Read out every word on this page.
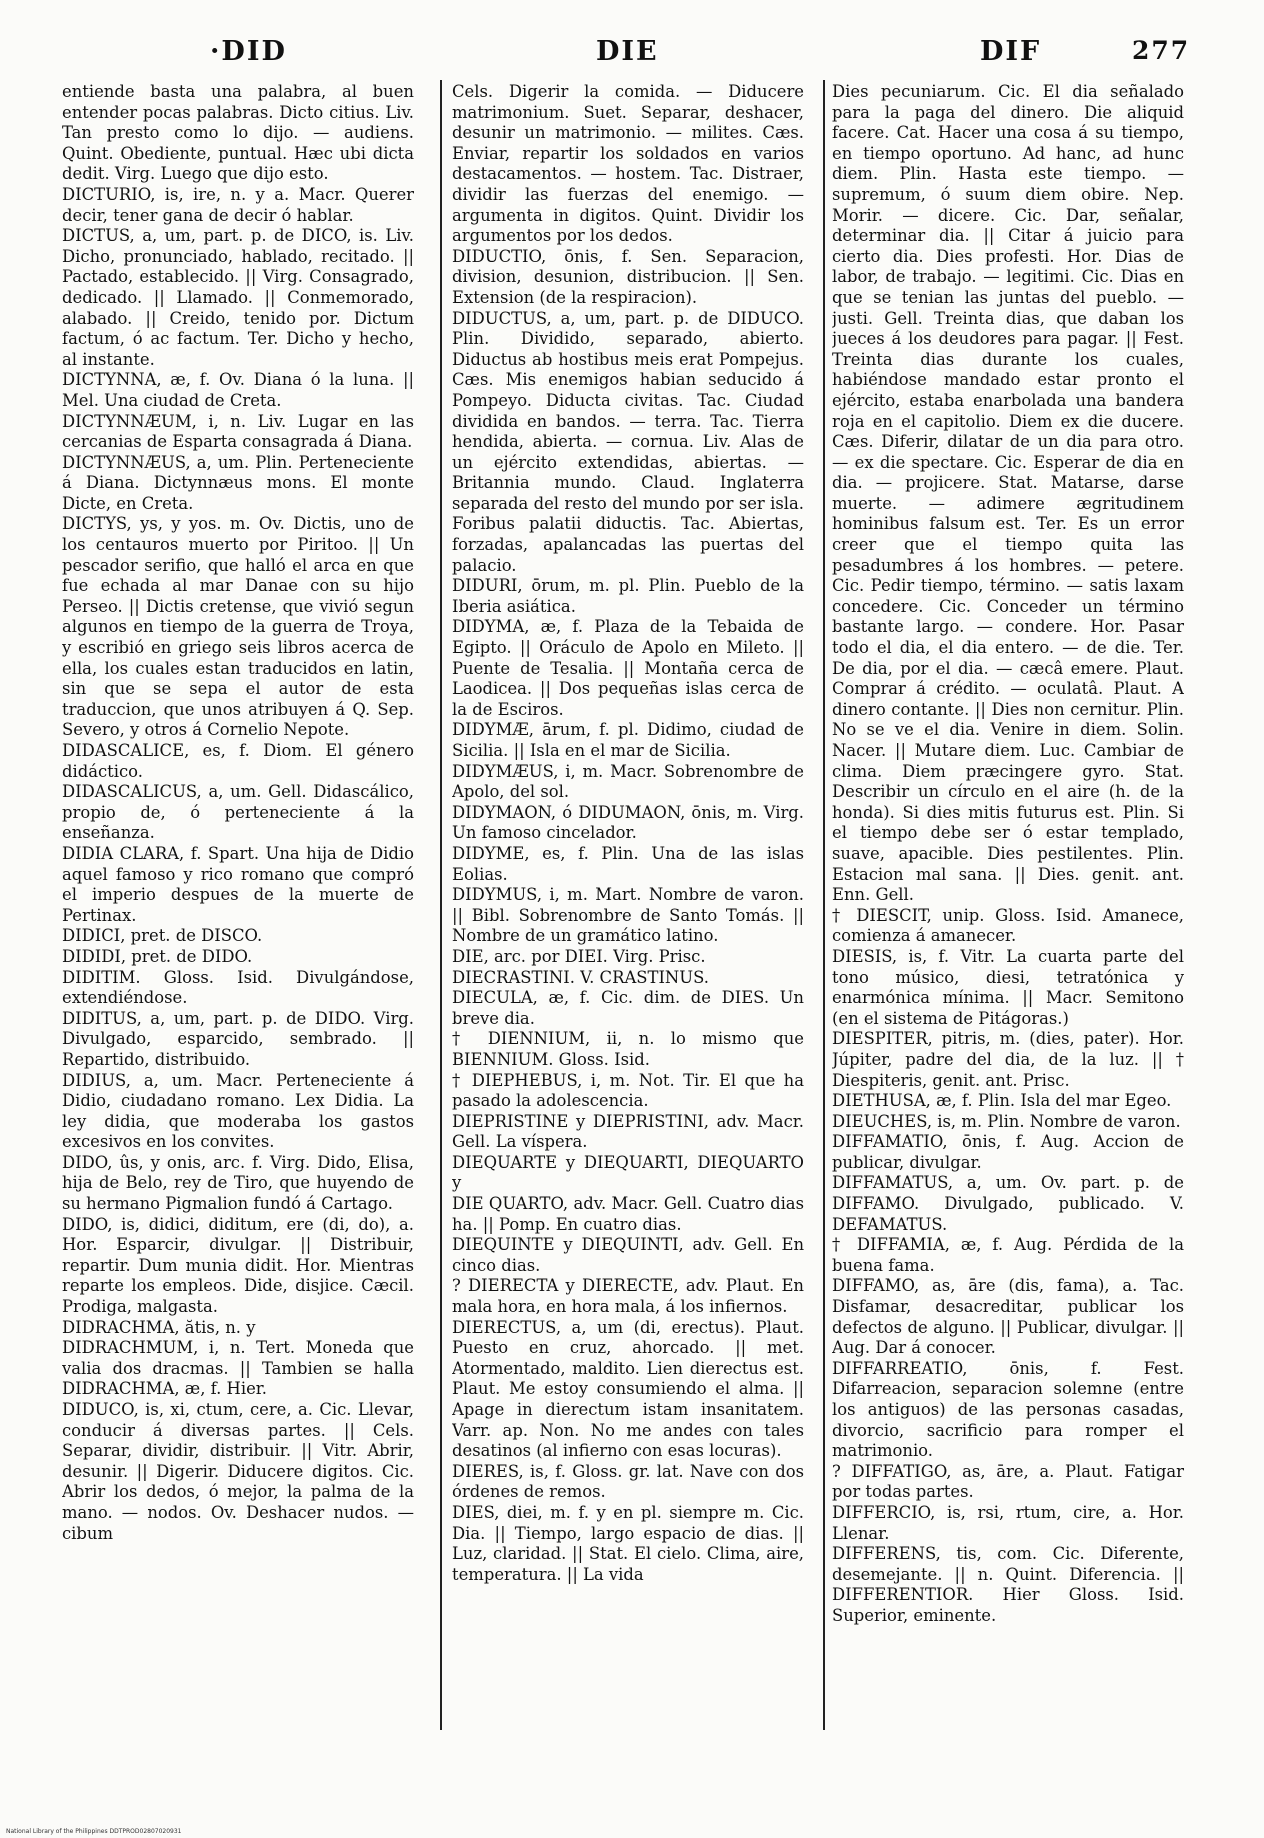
·DID	DIE	DIF	277

entiende basta una palabra, al buen entender pocas palabras. Dicto citius. Liv. Tan presto como lo dijo. — audiens. Quint. Obediente, puntual. Hæc ubi dicta dedit. Virg. Luego que dijo esto.

DICTURIO, is, ire, n. y a. Macr. Querer decir, tener gana de decir ó hablar.

DICTUS, a, um, part. p. de DICO, is. Liv. Dicho, pronunciado, hablado, recitado. || Pactado, establecido. || Virg. Consagrado, dedicado. || Llamado. || Conmemorado, alabado. || Creido, tenido por. Dictum factum, ó ac factum. Ter. Dicho y hecho, al instante.

DICTYNNA, æ, f. Ov. Diana ó la luna. || Mel. Una ciudad de Creta.

DICTYNNÆUM, i, n. Liv. Lugar en las cercanias de Esparta consagrada á Diana.

DICTYNNÆUS, a, um. Plin. Perteneciente á Diana. Dictynnæus mons. El monte Dicte, en Creta.

DICTYS, ys, y yos. m. Ov. Dictis, uno de los centauros muerto por Piritoo. || Un pescador serifio, que halló el arca en que fue echada al mar Danae con su hijo Perseo. || Dictis cretense, que vivió segun algunos en tiempo de la guerra de Troya, y escribió en griego seis libros acerca de ella, los cuales estan traducidos en latin, sin que se sepa el autor de esta traduccion, que unos atribuyen á Q. Sep. Severo, y otros á Cornelio Nepote.

DIDASCALICE, es, f. Diom. El género didáctico.

DIDASCALICUS, a, um. Gell. Didascálico, propio de, ó perteneciente á la enseñanza.

DIDIA CLARA, f. Spart. Una hija de Didio aquel famoso y rico romano que compró el imperio despues de la muerte de Pertinax.

DIDICI, pret. de DISCO.

DIDIDI, pret. de DIDO.

DIDITIM. Gloss. Isid. Divulgándose, extendiéndose.

DIDITUS, a, um, part. p. de DIDO. Virg. Divulgado, esparcido, sembrado. || Repartido, distribuido.

DIDIUS, a, um. Macr. Perteneciente á Didio, ciudadano romano. Lex Didia. La ley didia, que moderaba los gastos excesivos en los convites.

DIDO, ûs, y onis, arc. f. Virg. Dido, Elisa, hija de Belo, rey de Tiro, que huyendo de su hermano Pigmalion fundó á Cartago.

DIDO, is, didici, diditum, ere (di, do), a. Hor. Esparcir, divulgar. || Distribuir, repartir. Dum munia didit. Hor. Mientras reparte los empleos. Dide, disjice. Cæcil. Prodiga, malgasta.

DIDRACHMA, ătis, n. y

DIDRACHMUM, i, n. Tert. Moneda que valia dos dracmas. || Tambien se halla DIDRACHMA, æ, f. Hier.

DIDUCO, is, xi, ctum, cere, a. Cic. Llevar, conducir á diversas partes. || Cels. Separar, dividir, distribuir. || Vitr. Abrir, desunir. || Digerir. Diducere digitos. Cic. Abrir los dedos, ó mejor, la palma de la mano. — nodos. Ov. Deshacer nudos. — cibum

Cels. Digerir la comida. — Diducere matrimonium. Suet. Separar, deshacer, desunir un matrimonio. — milites. Cæs. Enviar, repartir los soldados en varios destacamentos. — hostem. Tac. Distraer, dividir las fuerzas del enemigo. — argumenta in digitos. Quint. Dividir los argumentos por los dedos.

DIDUCTIO, ōnis, f. Sen. Separacion, division, desunion, distribucion. || Sen. Extension (de la respiracion).

DIDUCTUS, a, um, part. p. de DIDUCO. Plin. Dividido, separado, abierto. Diductus ab hostibus meis erat Pompejus. Cæs. Mis enemigos habian seducido á Pompeyo. Diducta civitas. Tac. Ciudad dividida en bandos. — terra. Tac. Tierra hendida, abierta. — cornua. Liv. Alas de un ejército extendidas, abiertas. — Britannia mundo. Claud. Inglaterra separada del resto del mundo por ser isla. Foribus palatii diductis. Tac. Abiertas, forzadas, apalancadas las puertas del palacio.

DIDURI, ōrum, m. pl. Plin. Pueblo de la Iberia asiática.

DIDYMA, æ, f. Plaza de la Tebaida de Egipto. || Oráculo de Apolo en Mileto. || Puente de Tesalia. || Montaña cerca de Laodicea. || Dos pequeñas islas cerca de la de Esciros.

DIDYMÆ, ārum, f. pl. Didimo, ciudad de Sicilia. || Isla en el mar de Sicilia.

DIDYMÆUS, i, m. Macr. Sobrenombre de Apolo, del sol.

DIDYMAON, ó DIDUMAON, ōnis, m. Virg. Un famoso cincelador.

DIDYME, es, f. Plin. Una de las islas Eolias.

DIDYMUS, i, m. Mart. Nombre de varon. || Bibl. Sobrenombre de Santo Tomás. || Nombre de un gramático latino.

DIE, arc. por DIEI. Virg. Prisc.

DIECRASTINI. V. CRASTINUS.

DIECULA, æ, f. Cic. dim. de DIES. Un breve dia.

† DIENNIUM, ii, n. lo mismo que BIENNIUM. Gloss. Isid.

† DIEPHEBUS, i, m. Not. Tir. El que ha pasado la adolescencia.

DIEPRISTINE y DIEPRISTINI, adv. Macr. Gell. La víspera.

DIEQUARTE y DIEQUARTI, DIEQUARTO y

DIE QUARTO, adv. Macr. Gell. Cuatro dias ha. || Pomp. En cuatro dias.

DIEQUINTE y DIEQUINTI, adv. Gell. En cinco dias.

? DIERECTA y DIERECTE, adv. Plaut. En mala hora, en hora mala, á los infiernos.

DIERECTUS, a, um (di, erectus). Plaut. Puesto en cruz, ahorcado. || met. Atormentado, maldito. Lien dierectus est. Plaut. Me estoy consumiendo el alma. || Apage in dierectum istam insanitatem. Varr. ap. Non. No me andes con tales desatinos (al infierno con esas locuras).

DIERES, is, f. Gloss. gr. lat. Nave con dos órdenes de remos.

DIES, diei, m. f. y en pl. siempre m. Cic. Dia. || Tiempo, largo espacio de dias. || Luz, claridad. || Stat. El cielo. Clima, aire, temperatura. || La vida

Dies pecuniarum. Cic. El dia señalado para la paga del dinero. Die aliquid facere. Cat. Hacer una cosa á su tiempo, en tiempo oportuno. Ad hanc, ad hunc diem. Plin. Hasta este tiempo. — supremum, ó suum diem obire. Nep. Morir. — dicere. Cic. Dar, señalar, determinar dia. || Citar á juicio para cierto dia. Dies profesti. Hor. Dias de labor, de trabajo. — legitimi. Cic. Dias en que se tenian las juntas del pueblo. — justi. Gell. Treinta dias, que daban los jueces á los deudores para pagar. || Fest. Treinta dias durante los cuales, habiéndose mandado estar pronto el ejército, estaba enarbolada una bandera roja en el capitolio. Diem ex die ducere. Cæs. Diferir, dilatar de un dia para otro. — ex die spectare. Cic. Esperar de dia en dia. — projicere. Stat. Matarse, darse muerte. — adimere ægritudinem hominibus falsum est. Ter. Es un error creer que el tiempo quita las pesadumbres á los hombres. — petere. Cic. Pedir tiempo, término. — satis laxam concedere. Cic. Conceder un término bastante largo. — condere. Hor. Pasar todo el dia, el dia entero. — de die. Ter. De dia, por el dia. — cæcâ emere. Plaut. Comprar á crédito. — oculatâ. Plaut. A dinero contante. || Dies non cernitur. Plin. No se ve el dia. Venire in diem. Solin. Nacer. || Mutare diem. Luc. Cambiar de clima. Diem præcingere gyro. Stat. Describir un círculo en el aire (h. de la honda). Si dies mitis futurus est. Plin. Si el tiempo debe ser ó estar templado, suave, apacible. Dies pestilentes. Plin. Estacion mal sana. || Dies. genit. ant. Enn. Gell.

† DIESCIT, unip. Gloss. Isid. Amanece, comienza á amanecer.

DIESIS, is, f. Vitr. La cuarta parte del tono músico, diesi, tetratónica y enarmónica mínima. || Macr. Semitono (en el sistema de Pitágoras.)

DIESPITER, pitris, m. (dies, pater). Hor. Júpiter, padre del dia, de la luz. || † Diespiteris, genit. ant. Prisc.

DIETHUSA, æ, f. Plin. Isla del mar Egeo.

DIEUCHES, is, m. Plin. Nombre de varon.

DIFFAMATIO, ōnis, f. Aug. Accion de publicar, divulgar.

DIFFAMATUS, a, um. Ov. part. p. de DIFFAMO. Divulgado, publicado. V. DEFAMATUS.

† DIFFAMIA, æ, f. Aug. Pérdida de la buena fama.

DIFFAMO, as, āre (dis, fama), a. Tac. Disfamar, desacreditar, publicar los defectos de alguno. || Publicar, divulgar. || Aug. Dar á conocer.

DIFFARREATIO, ōnis, f. Fest. Difarreacion, separacion solemne (entre los antiguos) de las personas casadas, divorcio, sacrificio para romper el matrimonio.

? DIFFATIGO, as, āre, a. Plaut. Fatigar por todas partes.

DIFFERCIO, is, rsi, rtum, cire, a. Hor. Llenar.

DIFFERENS, tis, com. Cic. Diferente, desemejante. || n. Quint. Diferencia. || DIFFERENTIOR. Hier Gloss. Isid. Superior, eminente.

National Library of the Philippines DDTPROD02807020931
